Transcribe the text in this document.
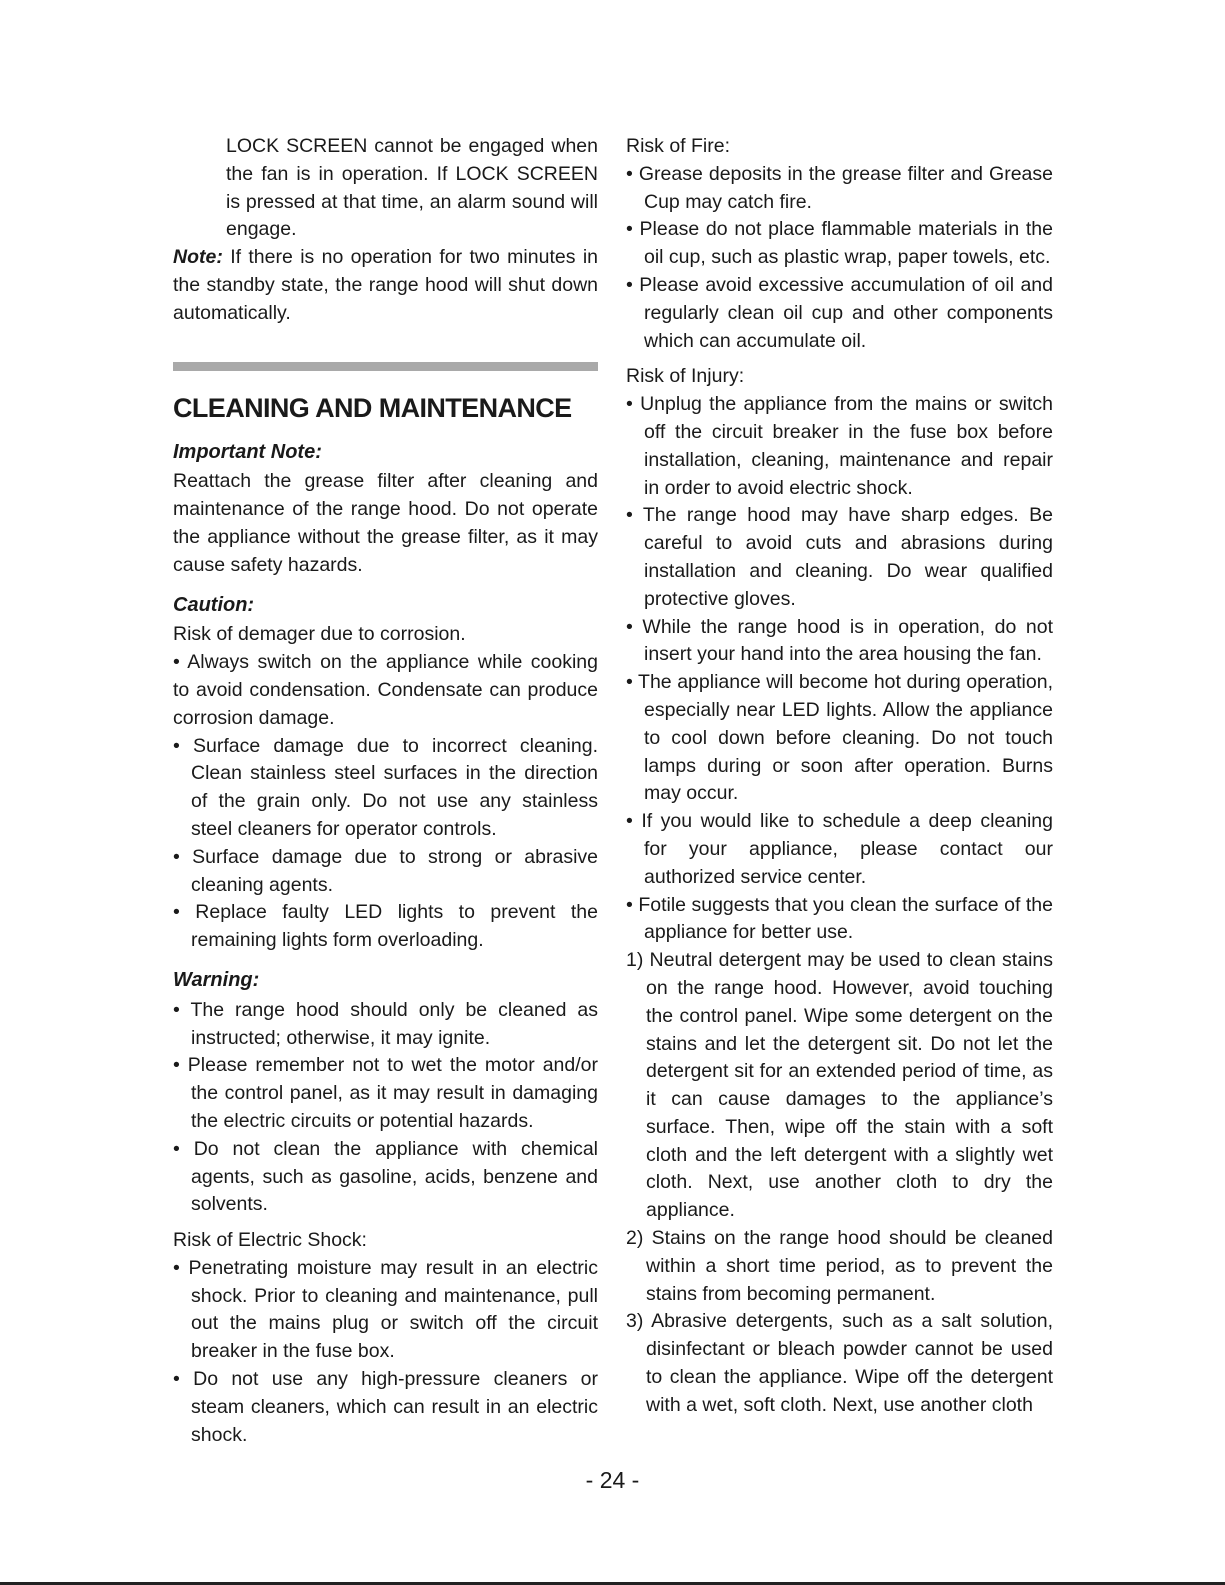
LOCK SCREEN cannot be engaged when the fan is in operation. If LOCK SCREEN is pressed at that time, an alarm sound will engage.

Note: If there is no operation for two minutes in the standby state, the range hood will shut down automatically.

CLEANING AND MAINTENANCE
Important Note:

Reattach the grease filter after cleaning and maintenance of the range hood. Do not operate the appliance without the grease filter, as it may cause safety hazards.

Caution:

Risk of demager due to corrosion.

• Always switch on the appliance while cooking to avoid condensation. Condensate can produce corrosion damage.

• Surface damage due to incorrect cleaning. Clean stainless steel surfaces in the direction of the grain only. Do not use any stainless steel cleaners for operator controls.

• Surface damage due to strong or abrasive cleaning agents.

• Replace faulty LED lights to prevent the remaining lights form overloading.

Warning:

• The range hood should only be cleaned as instructed; otherwise, it may ignite.

• Please remember not to wet the motor and/or the control panel, as it may result in damaging the electric circuits or potential hazards.

• Do not clean the appliance with chemical agents, such as gasoline, acids, benzene and solvents.

Risk of Electric Shock:

• Penetrating moisture may result in an electric shock. Prior to cleaning and maintenance, pull out the mains plug or switch off the circuit breaker in the fuse box.

• Do not use any high-pressure cleaners or steam cleaners, which can result in an electric shock.

Risk of Fire:

• Grease deposits in the grease filter and Grease Cup may catch fire.

• Please do not place flammable materials in the oil cup, such as plastic wrap, paper towels, etc.

• Please avoid excessive accumulation of oil and regularly clean oil cup and other components which can accumulate oil.

Risk of Injury:

• Unplug the appliance from the mains or switch off the circuit breaker in the fuse box before installation, cleaning, maintenance and repair in order to avoid electric shock.

• The range hood may have sharp edges. Be careful to avoid cuts and abrasions during installation and cleaning. Do wear qualified protective gloves.

• While the range hood is in operation, do not insert your hand into the area housing the fan.

• The appliance will become hot during operation, especially near LED lights. Allow the appliance to cool down before cleaning. Do not touch lamps during or soon after operation. Burns may occur.

• If you would like to schedule a deep cleaning for your appliance, please contact our authorized service center.

• Fotile suggests that you clean the surface of the appliance for better use.

1) Neutral detergent may be used to clean stains on the range hood. However, avoid touching the control panel. Wipe some detergent on the stains and let the detergent sit. Do not let the detergent sit for an extended period of time, as it can cause damages to the appliance’s surface. Then, wipe off the stain with a soft cloth and the left detergent with a slightly wet cloth. Next, use another cloth to dry the appliance.

2) Stains on the range hood should be cleaned within a short time period, as to prevent the stains from becoming permanent.

3) Abrasive detergents, such as a salt solution, disinfectant or bleach powder cannot be used to clean the appliance. Wipe off the detergent with a wet, soft cloth. Next, use another cloth

- 24 -
